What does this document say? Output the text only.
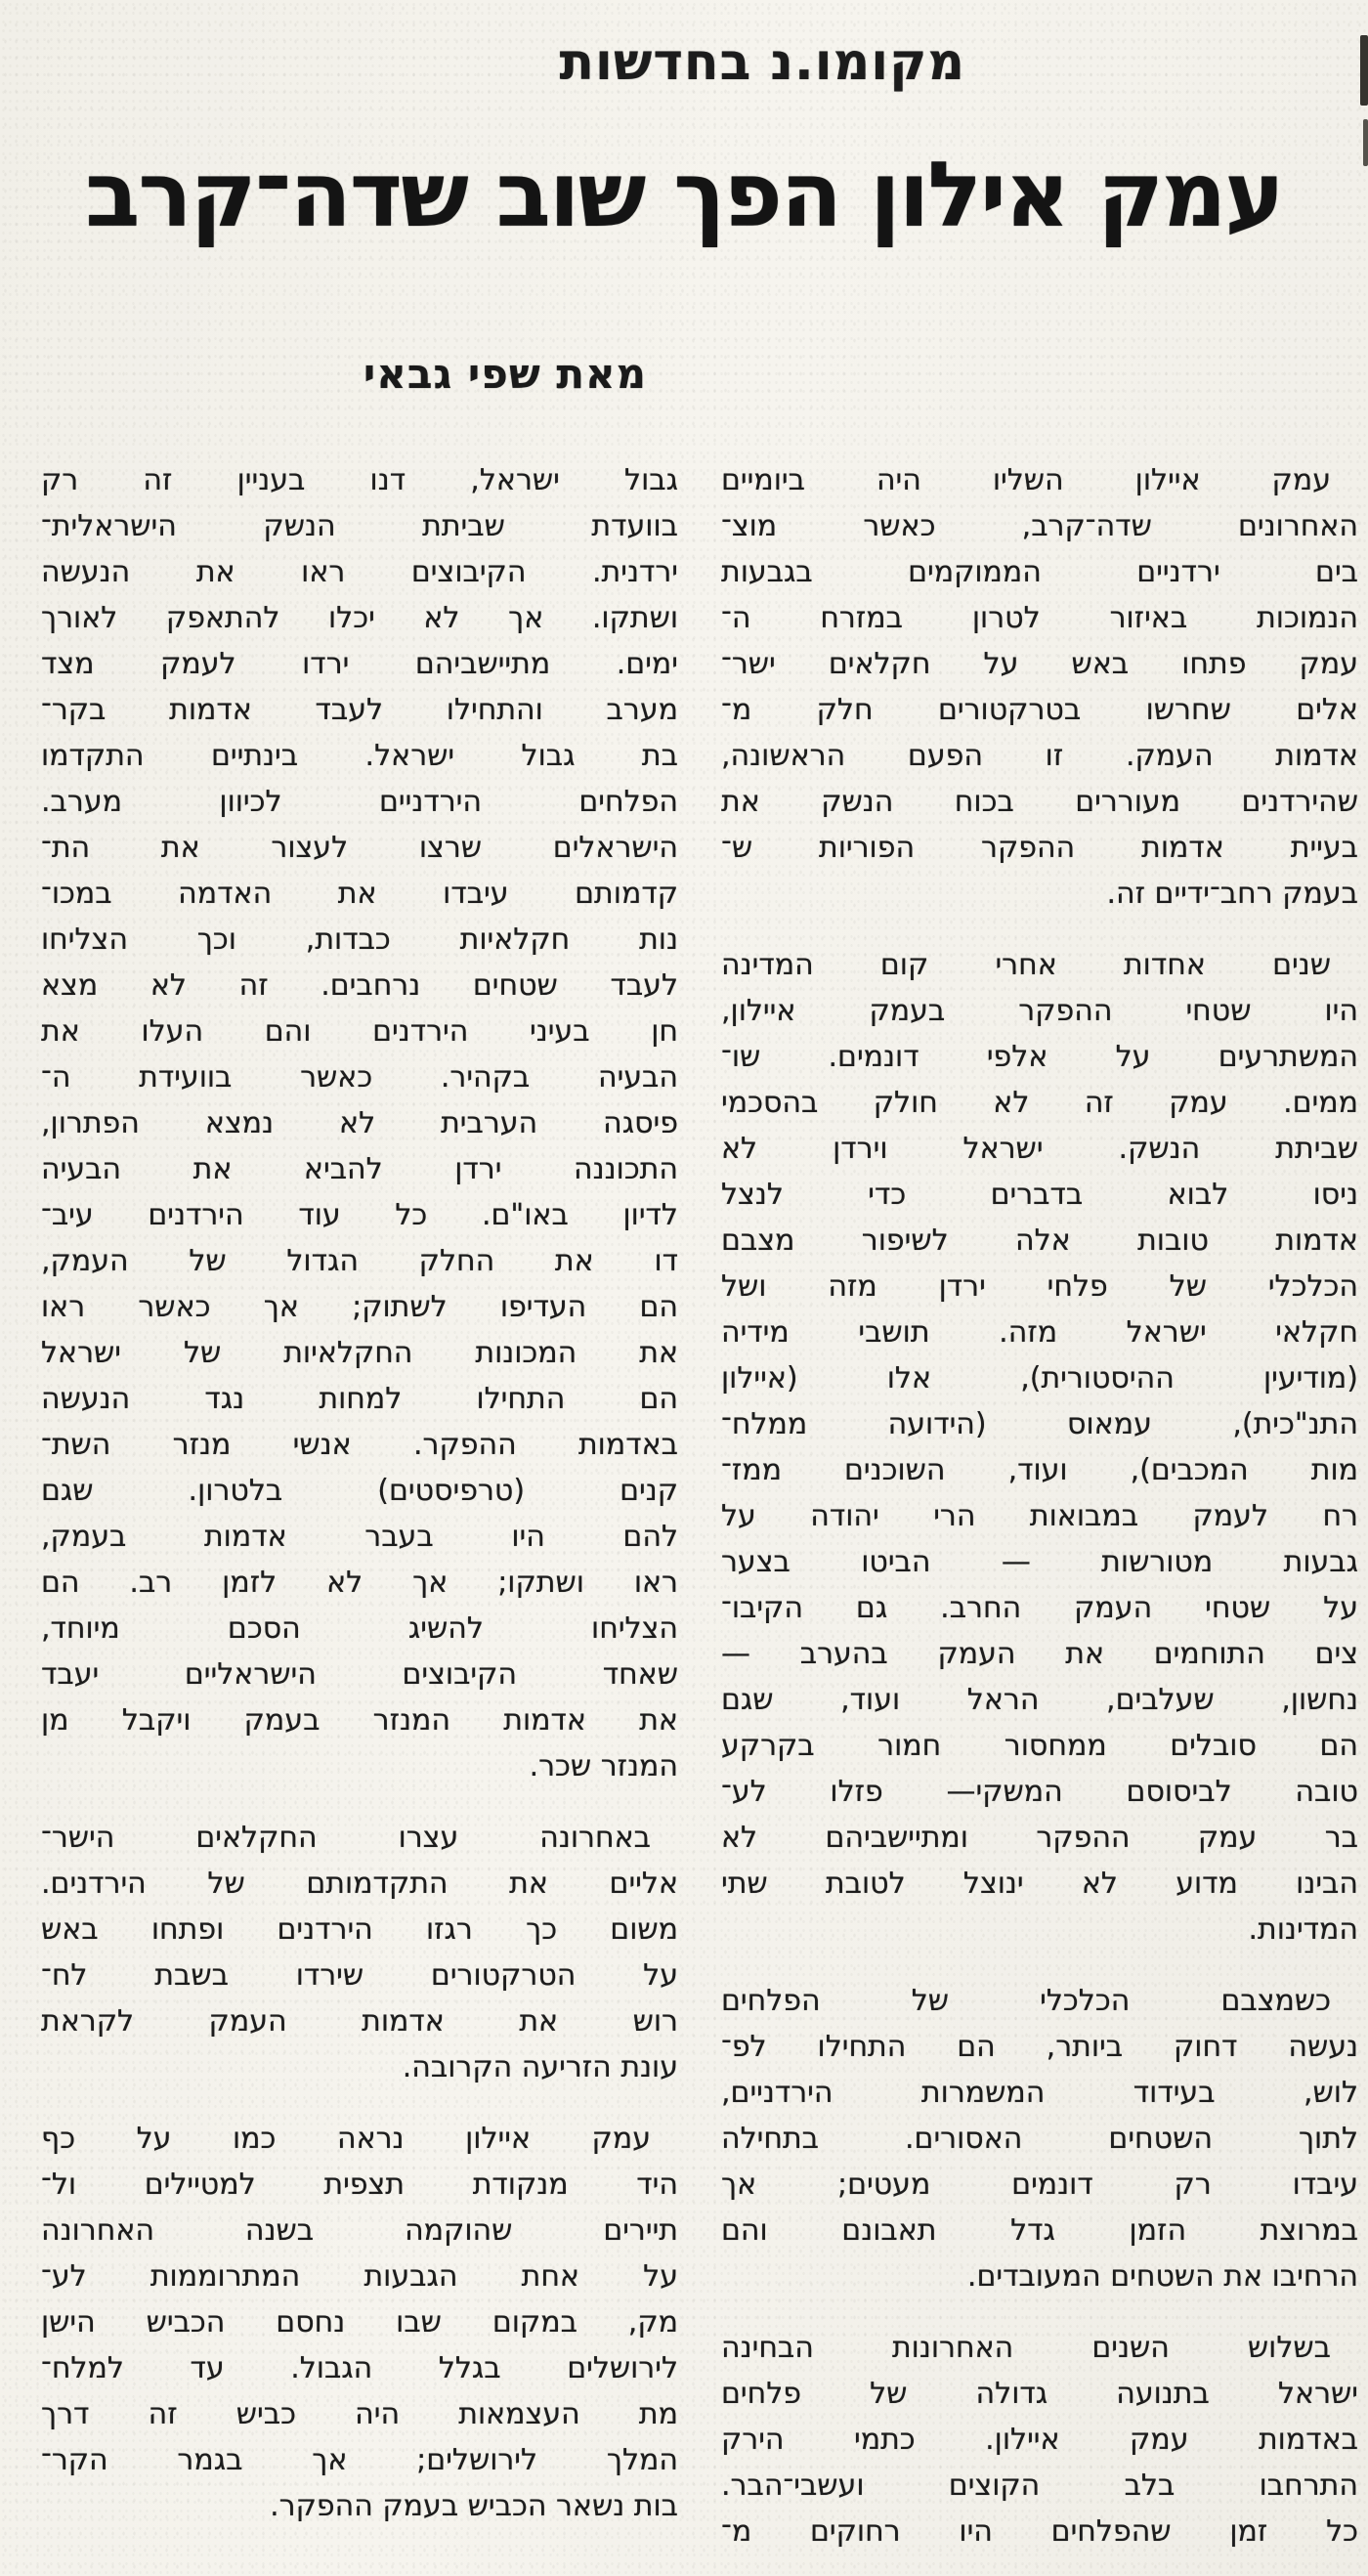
מקומו.נ בחדשות
עמק אילון הפך שוב שדה־קרב
מאת שפי גבאי

עמק איילון השליו היה ביומיים
האחרונים שדה־קרב, כאשר מוצ־
בים ירדניים הממוקמים בגבעות
הנמוכות באיזור לטרון במזרח ה־
עמק פתחו באש על חקלאים ישר־
אלים שחרשו בטרקטורים חלק מ־
אדמות העמק. זו הפעם הראשונה,
שהירדנים מעוררים בכוח הנשק את
בעיית אדמות ההפקר הפוריות ש־
בעמק רחב־ידיים זה.

שנים אחדות אחרי קום המדינה
היו שטחי ההפקר בעמק איילון,
המשתרעים על אלפי דונמים. שו־
ממים. עמק זה לא חולק בהסכמי
שביתת הנשק. ישראל וירדן לא
ניסו לבוא בדברים כדי לנצל
אדמות טובות אלה לשיפור מצבם
הכלכלי של פלחי ירדן מזה ושל
חקלאי ישראל מזה. תושבי מידיה
(מודיעין ההיסטורית), אלו (איילון
התנ"כית), עמאוס (הידועה ממלח־
מות המכבים), ועוד, השוכנים ממז־
רח לעמק במבואות הרי יהודה על
גבעות מטורשות — הביטו בצער
על שטחי העמק החרב. גם הקיבו־
צים התוחמים את העמק בהערב —
נחשון, שעלבים, הראל ועוד, שגם
הם סובלים ממחסור חמור בקרקע
טובה לביסוסם המשקי— פזלו לע־
בר עמק ההפקר ומתיישביהם לא
הבינו מדוע לא ינוצל לטובת שתי
המדינות.

כשמצבם הכלכלי של הפלחים
נעשה דחוק ביותר, הם התחילו לפ־
לוש, בעידוד המשמרות הירדניים,
לתוך השטחים האסורים. בתחילה
עיבדו רק דונמים מעטים; אך
במרוצת הזמן גדל תאבונם והם
הרחיבו את השטחים המעובדים.

בשלוש השנים האחרונות הבחינה
ישראל בתנועה גדולה של פלחים
באדמות עמק איילון. כתמי הירק
התרחבו בלב הקוצים ועשבי־הבר.
כל זמן שהפלחים היו רחוקים מ־

גבול ישראל, דנו בעניין זה רק
בוועדת שביתת הנשק הישראלית־
ירדנית. הקיבוצים ראו את הנעשה
ושתקו. אך לא יכלו להתאפק לאורך
ימים. מתיישביהם ירדו לעמק מצד
מערב והתחילו לעבד אדמות בקר־
בת גבול ישראל. בינתיים התקדמו
הפלחים הירדניים לכיוון מערב.
הישראלים שרצו לעצור את הת־
קדמותם עיבדו את האדמה במכו־
נות חקלאיות כבדות, וכך הצליחו
לעבד שטחים נרחבים. זה לא מצא
חן בעיני הירדנים והם העלו את
הבעיה בקהיר. כאשר בוועידת ה־
פיסגה הערבית לא נמצא הפתרון,
התכוננה ירדן להביא את הבעיה
לדיון באו"ם. כל עוד הירדנים עיב־
דו את החלק הגדול של העמק,
הם העדיפו לשתוק; אך כאשר ראו
את המכונות החקלאיות של ישראל
הם התחילו למחות נגד הנעשה
באדמות ההפקר. אנשי מנזר השת־
קנים (טרפיסטים) בלטרון. שגם
להם היו בעבר אדמות בעמק,
ראו ושתקו; אך לא לזמן רב. הם
הצליחו להשיג הסכם מיוחד,
שאחד הקיבוצים הישראליים יעבד
את אדמות המנזר בעמק ויקבל מן
המנזר שכר.

באחרונה עצרו החקלאים הישר־
אליים את התקדמותם של הירדנים.
משום כך רגזו הירדנים ופתחו באש
על הטרקטורים שירדו בשבת לח־
רוש את אדמות העמק לקראת
עונת הזריעה הקרובה.

עמק איילון נראה כמו על כף
היד מנקודת תצפית למטיילים ול־
תיירים שהוקמה בשנה האחרונה
על אחת הגבעות המתרוממות לע־
מק, במקום שבו נחסם הכביש הישן
לירושלים בגלל הגבול. עד למלח־
מת העצמאות היה כביש זה דרך
המלך לירושלים; אך בגמר הקר־
בות נשאר הכביש בעמק ההפקר.
